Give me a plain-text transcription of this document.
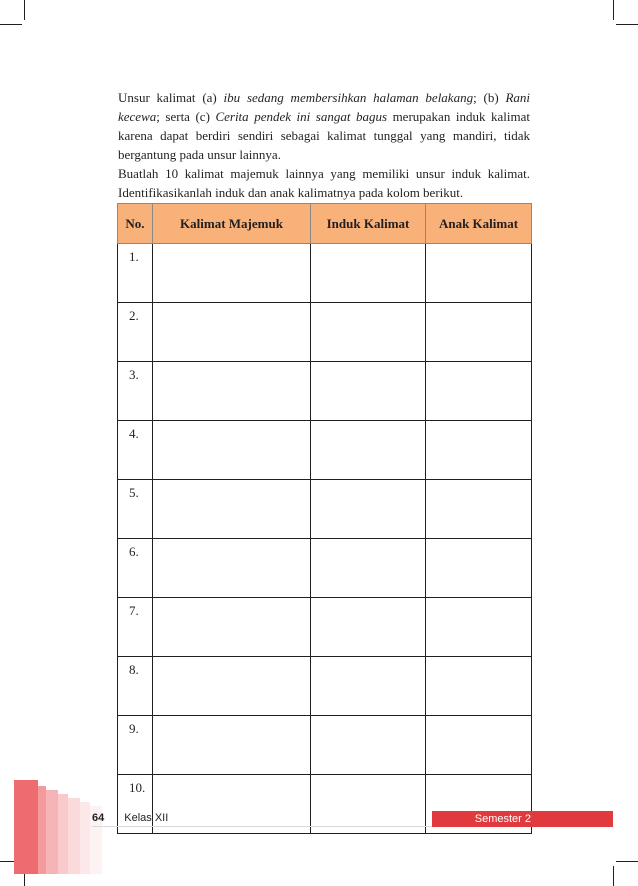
Unsur kalimat (a) ibu sedang membersihkan halaman belakang; (b) Rani kecewa; serta (c) Cerita pendek ini sangat bagus merupakan induk kalimat karena dapat berdiri sendiri sebagai kalimat tunggal yang mandiri, tidak bergantung pada unsur lainnya.

Buatlah 10 kalimat majemuk lainnya yang memiliki unsur induk kalimat. Identifikasikanlah induk dan anak kalimatnya pada kolom berikut.

No.	Kalimat Majemuk	Induk Kalimat	Anak Kalimat
1.			
2.			
3.			
4.			
5.			
6.			
7.			
8.			
9.			
10.			
64 Kelas XII	Semester 2
